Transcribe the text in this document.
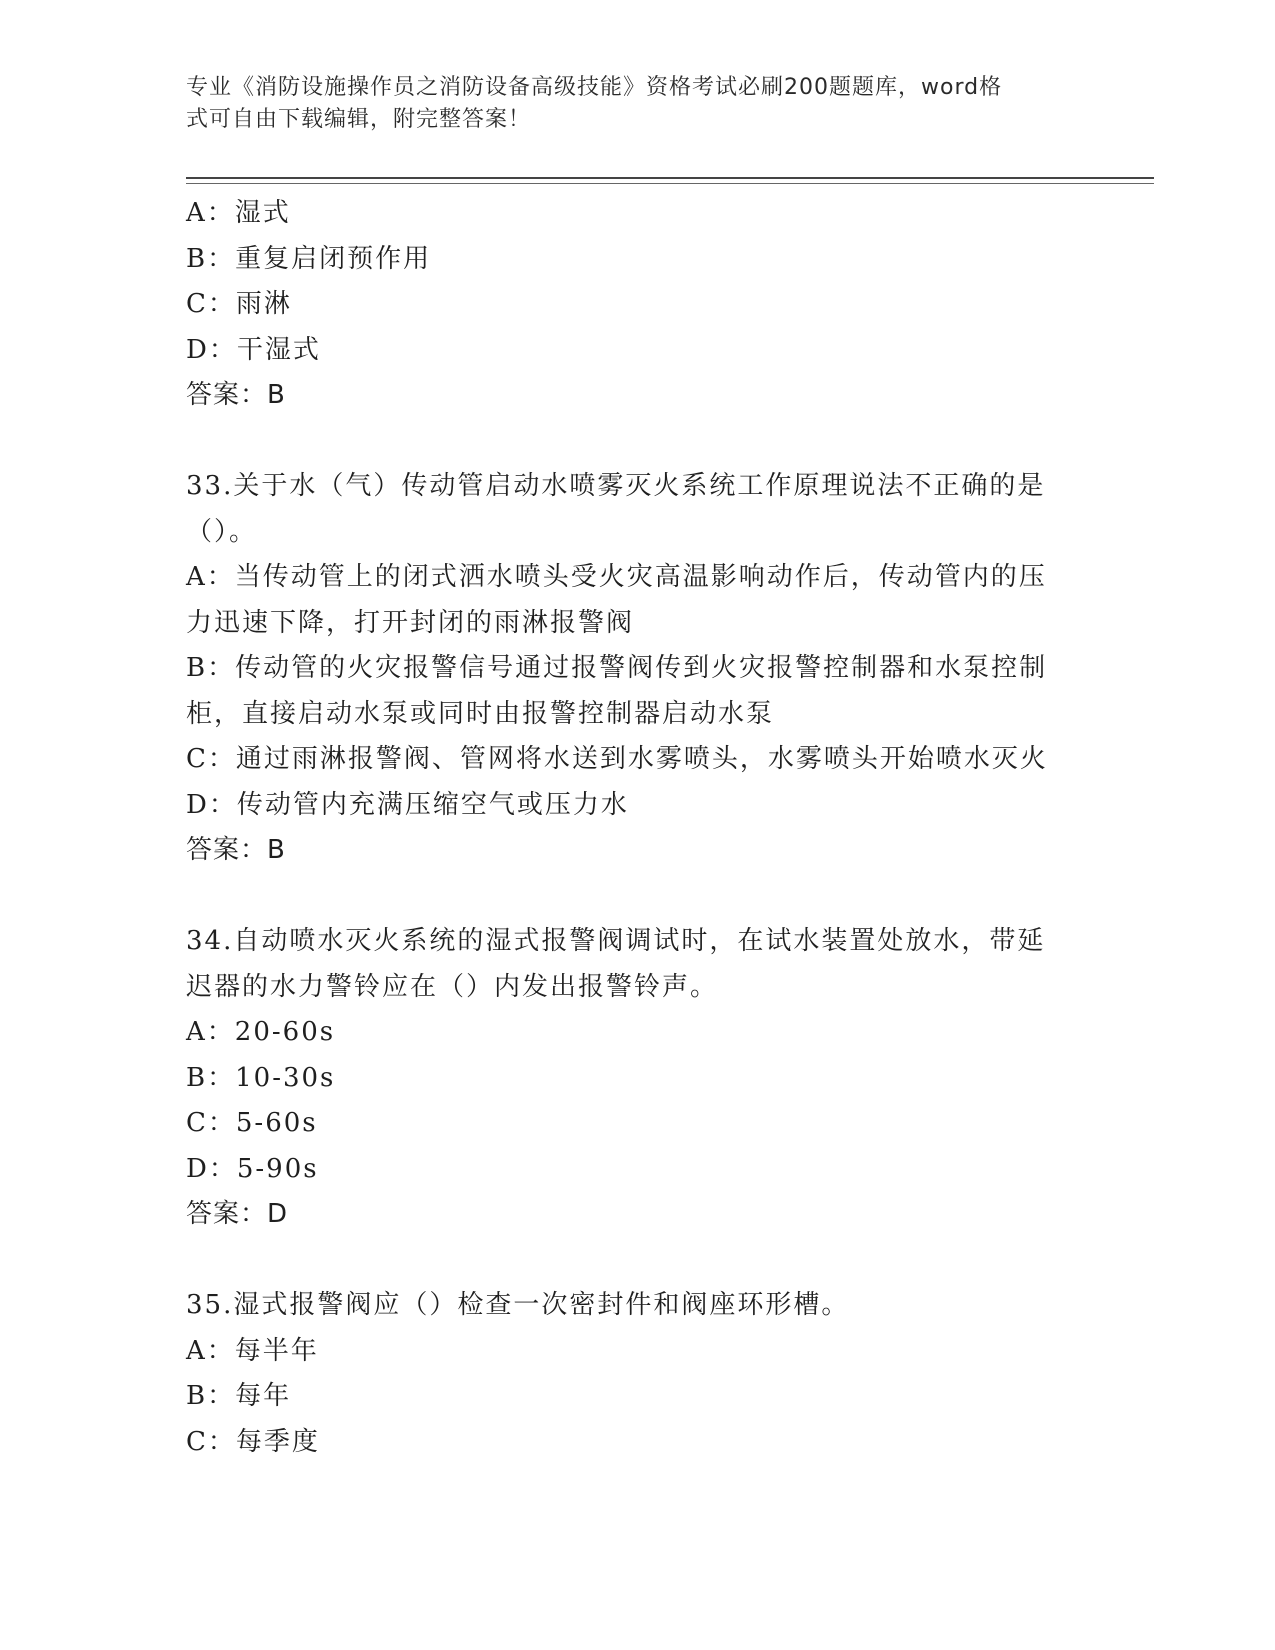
专业《消防设施操作员之消防设备高级技能》资格考试必刷200题题库，word格
式可自由下载编辑，附完整答案！
A：湿式
B：重复启闭预作用
C：雨淋
D：干湿式
答案：B
33.关于水（气）传动管启动水喷雾灭火系统工作原理说法不正确的是
（）。
A：当传动管上的闭式洒水喷头受火灾高温影响动作后，传动管内的压
力迅速下降，打开封闭的雨淋报警阀
B：传动管的火灾报警信号通过报警阀传到火灾报警控制器和水泵控制
柜，直接启动水泵或同时由报警控制器启动水泵
C：通过雨淋报警阀、管网将水送到水雾喷头，水雾喷头开始喷水灭火
D：传动管内充满压缩空气或压力水
答案：B
34.自动喷水灭火系统的湿式报警阀调试时，在试水装置处放水，带延
迟器的水力警铃应在（）内发出报警铃声。
A：20-60s
B：10-30s
C：5-60s
D：5-90s
答案：D
35.湿式报警阀应（）检查一次密封件和阀座环形槽。
A：每半年
B：每年
C：每季度
